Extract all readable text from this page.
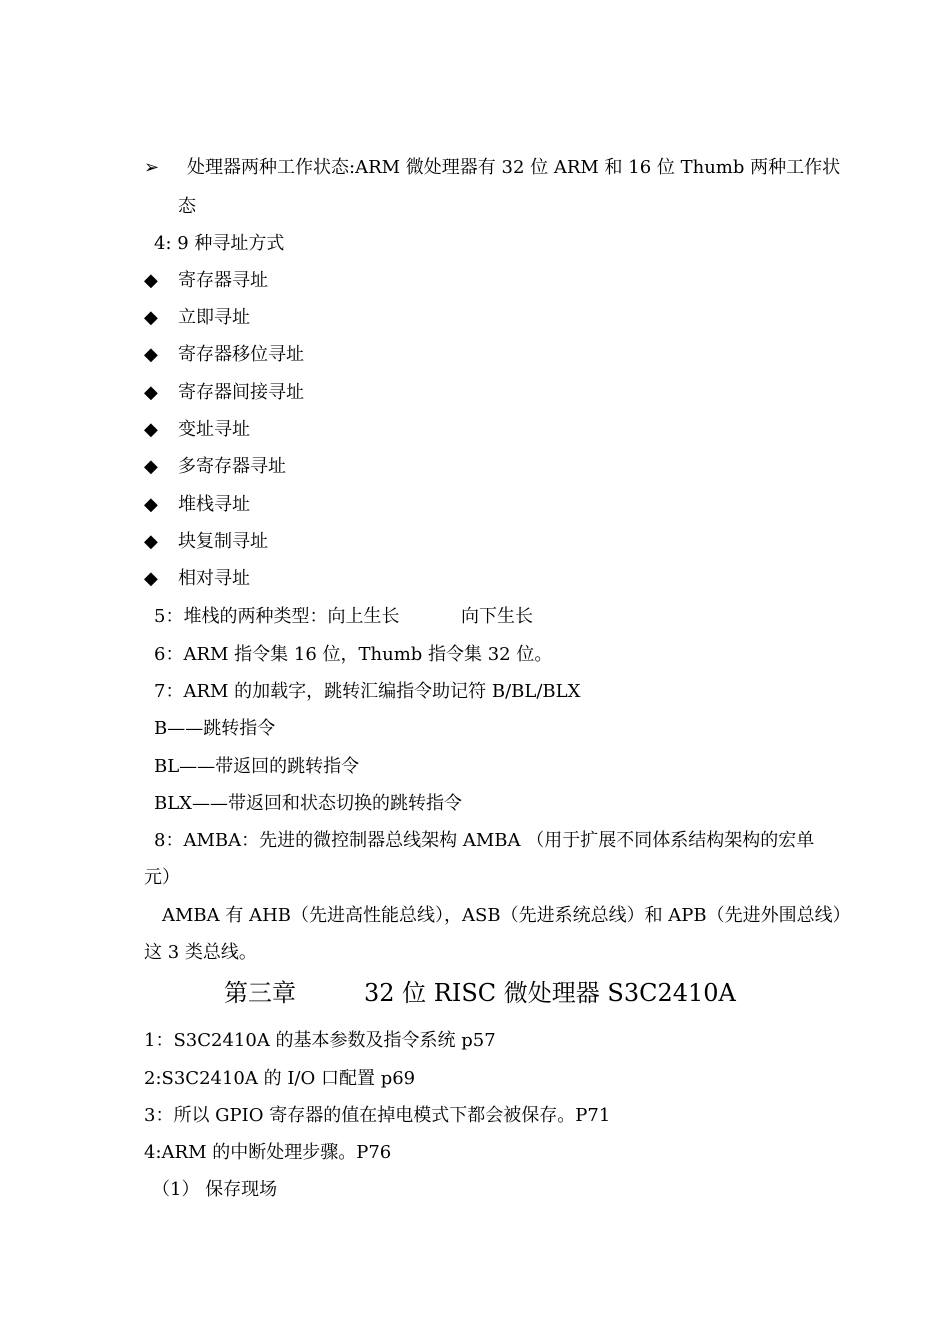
➢ 处理器两种工作状态:ARM 微处理器有 32 位 ARM 和 16 位 Thumb 两种工作状
态
4: 9 种寻址方式
◆ 寄存器寻址
◆ 立即寻址
◆ 寄存器移位寻址
◆ 寄存器间接寻址
◆ 变址寻址
◆ 多寄存器寻址
◆ 堆栈寻址
◆ 块复制寻址
◆ 相对寻址
5：堆栈的两种类型：向上生长	向下生长
6：ARM 指令集 16 位，Thumb 指令集 32 位。
7：ARM 的加载字，跳转汇编指令助记符 B/BL/BLX
B——跳转指令
BL——带返回的跳转指令
BLX——带返回和状态切换的跳转指令
8：AMBA：先进的微控制器总线架构 AMBA （用于扩展不同体系结构架构的宏单
元）
AMBA 有 AHB（先进高性能总线），ASB（先进系统总线）和 APB（先进外围总线）
这 3 类总线。
第三章	32 位 RISC 微处理器 S3C2410A
1：S3C2410A 的基本参数及指令系统 p57
2:S3C2410A 的 I/O 口配置 p69
3：所以 GPIO 寄存器的值在掉电模式下都会被保存。P71
4:ARM 的中断处理步骤。P76
（1） 保存现场
